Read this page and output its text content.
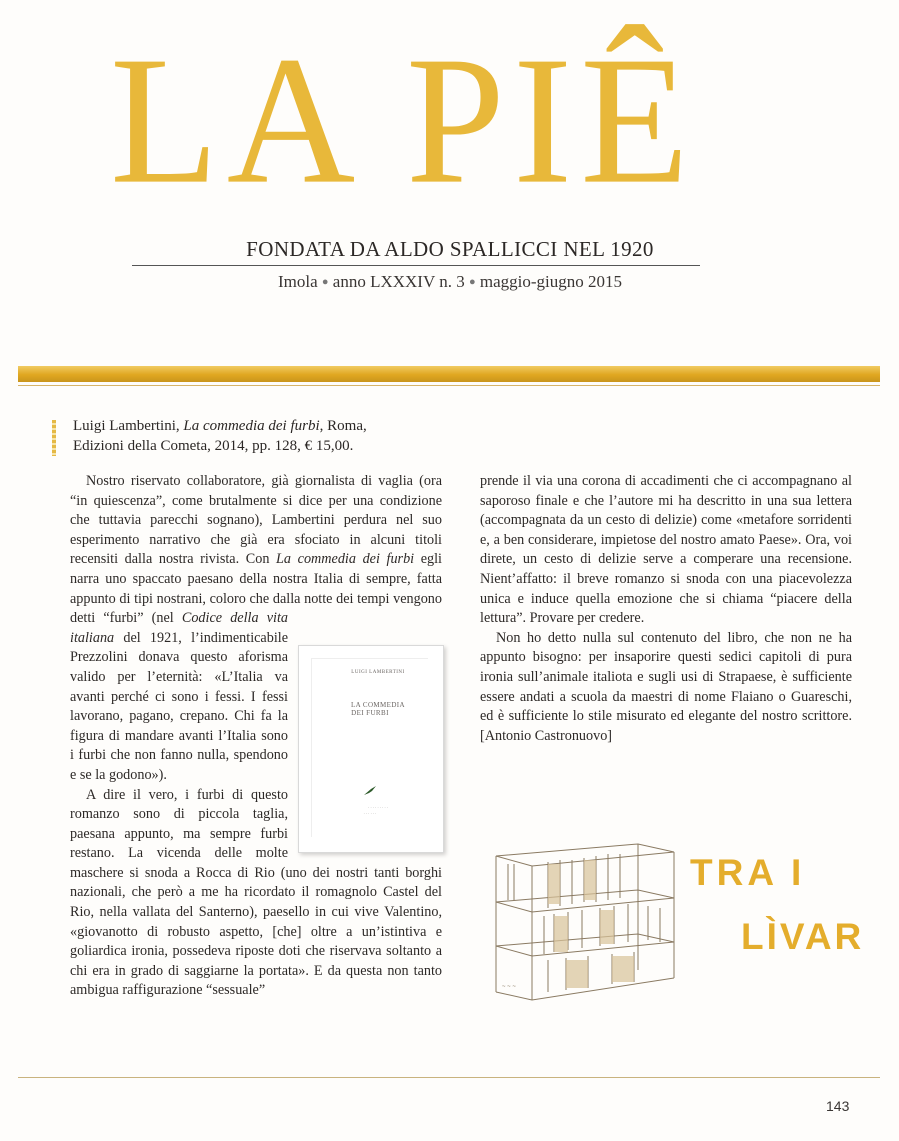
LA PIÊ
FONDATA DA ALDO SPALLICCI NEL 1920
Imola ● anno LXXXIV n. 3 ● maggio-giugno 2015
Luigi Lambertini, La commedia dei furbi, Roma, Edizioni della Cometa, 2014, pp. 128, € 15,00.

Nostro riservato collaboratore, già giornalista di vaglia (ora “in quiescenza”, come brutalmente si dice per una condizione che tuttavia parecchi sognano), Lambertini perdura nel suo esperimento narrativo che già era sfociato in alcuni titoli recensiti dalla nostra rivista. Con La commedia dei furbi egli narra uno spaccato paesano della nostra Italia di sempre, fatta appunto di tipi nostrani, coloro che dalla notte dei tempi vengono detti “furbi” (nel
LUIGI LAMBERTINI
LA COMMEDIA
DEI FURBI
· · · · · · · · ·
· · · · · ·
Codice della vita italiana del 1921, l’indimenticabile Prezzolini donava questo aforisma valido per l’eternità: «L’Italia va avanti perché ci sono i fessi. I fessi lavorano, pagano, crepano. Chi fa la figura di mandare avanti l’Italia sono i furbi che non fanno nulla, spendono e se la godono»).

A dire il vero, i furbi di questo romanzo sono di piccola taglia, paesana appunto, ma sempre furbi restano. La vicenda delle molte maschere si snoda a Rocca di Rio (uno dei nostri tanti borghi nazionali, che però a me ha ricordato il romagnolo Castel del Rio, nella vallata del Santerno), paesello in cui vive Valentino, «giovanotto di robusto aspetto, [che] oltre a un’istintiva e goliardica ironia, possedeva riposte doti che riservava soltanto a chi era in grado di saggiarne la portata». E da questa non tanto ambigua raffigurazione “sessuale”

prende il via una corona di accadimenti che ci accompagnano al saporoso finale e che l’autore mi ha descritto in una sua lettera (accompagnata da un cesto di delizie) come «metafore sorridenti e, a ben considerare, impietose del nostro amato Paese». Ora, voi direte, un cesto di delizie serve a comperare una recensione. Nient’affatto: il breve romanzo si snoda con una piacevolezza unica e induce quella emozione che si chiama “piacere della lettura”. Provare per credere.

Non ho detto nulla sul contenuto del libro, che non ne ha appunto bisogno: per insaporire questi sedici capitoli di pura ironia sull’animale italiota e sugli usi di Strapaese, è sufficiente essere andati a scuola da maestri di nome Flaiano o Guareschi, ed è sufficiente lo stile misurato ed elegante del nostro scrittore. [Antonio Castronuovo]

~ ~ ~
TRA I
LÌVAR
143
